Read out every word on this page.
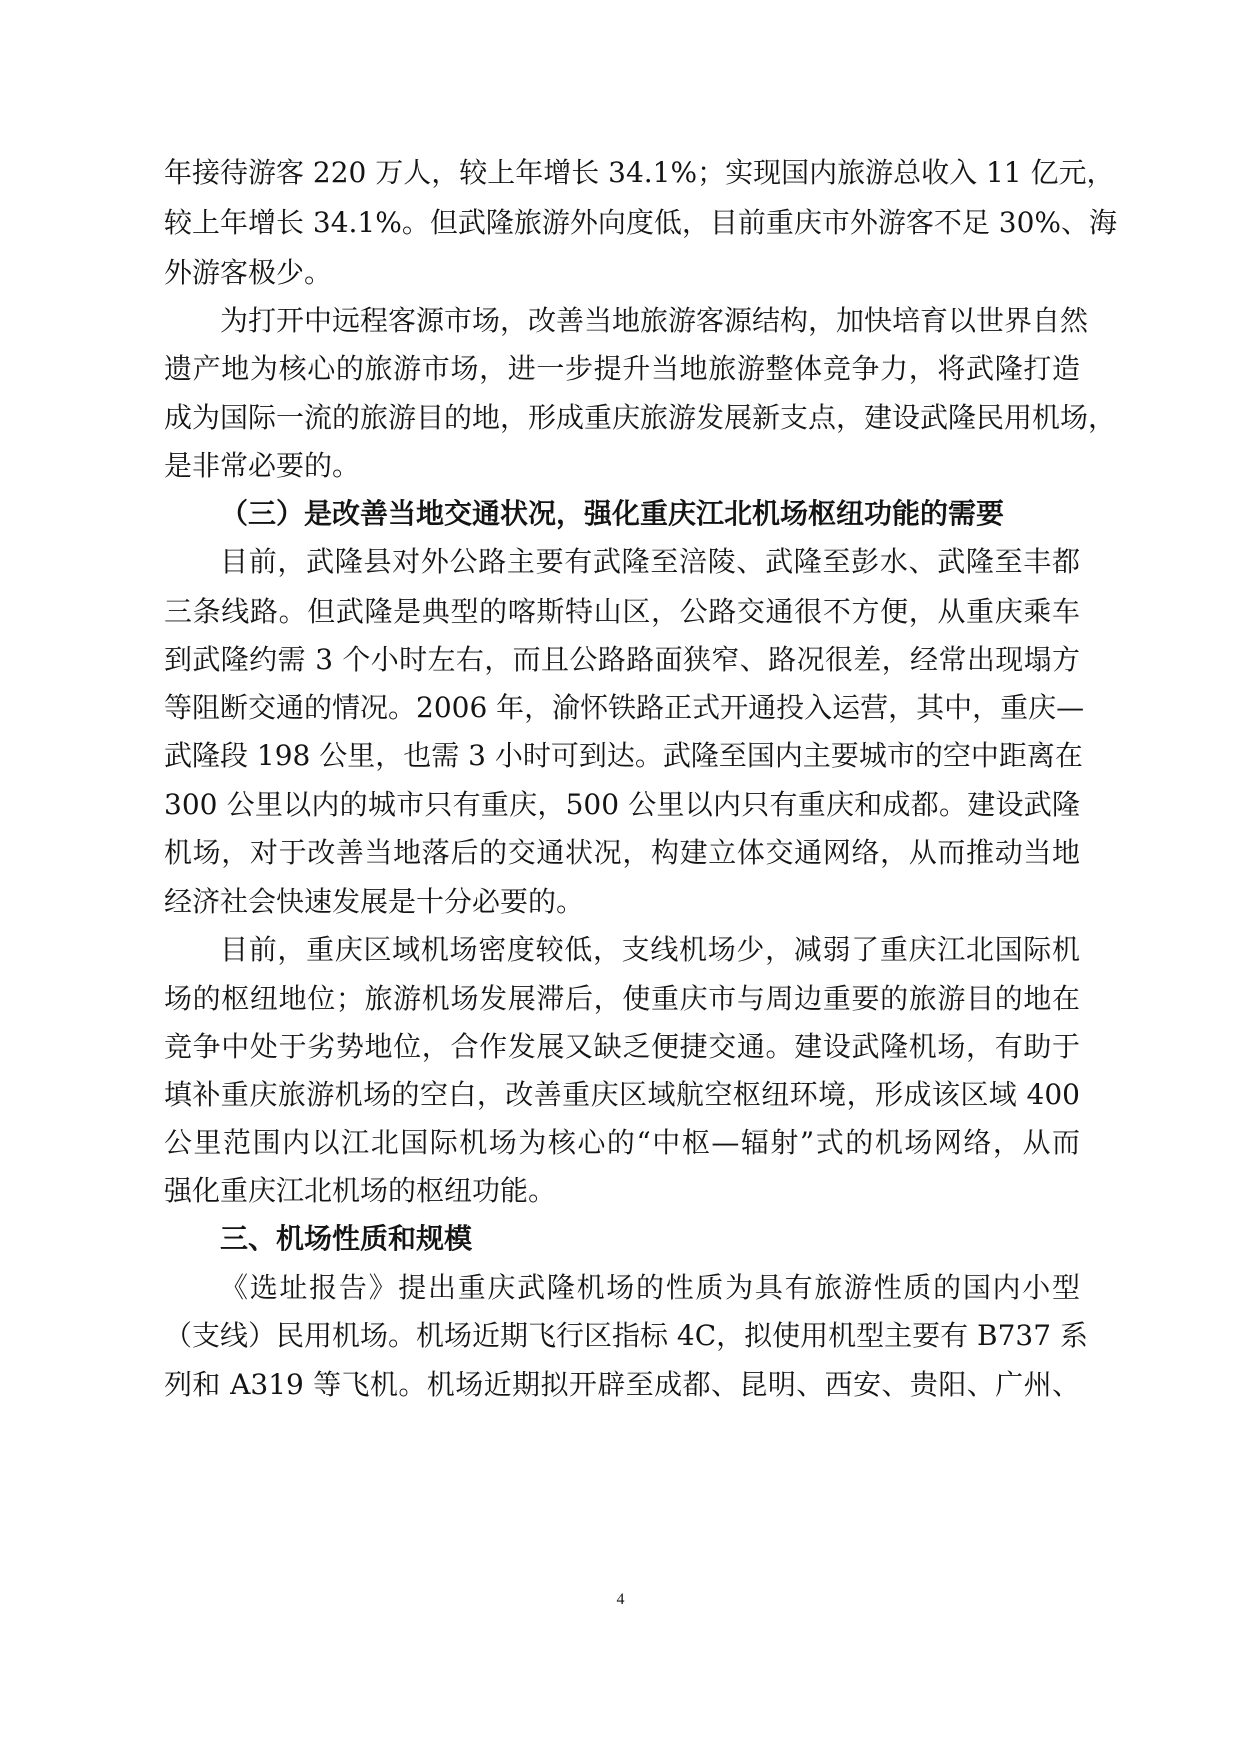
年接待游客 220 万人，较上年增长 34.1%；实现国内旅游总收入 11 亿元，
较上年增长 34.1%。但武隆旅游外向度低，目前重庆市外游客不足 30%、海
外游客极少。
为打开中远程客源市场，改善当地旅游客源结构，加快培育以世界自然
遗产地为核心的旅游市场，进一步提升当地旅游整体竞争力，将武隆打造
成为国际一流的旅游目的地，形成重庆旅游发展新支点，建设武隆民用机场，
是非常必要的。
（三）是改善当地交通状况，强化重庆江北机场枢纽功能的需要
目前，武隆县对外公路主要有武隆至涪陵、武隆至彭水、武隆至丰都
三条线路。但武隆是典型的喀斯特山区，公路交通很不方便，从重庆乘车
到武隆约需 3 个小时左右，而且公路路面狭窄、路况很差，经常出现塌方
等阻断交通的情况。2006 年，渝怀铁路正式开通投入运营，其中，重庆—
武隆段 198 公里，也需 3 小时可到达。武隆至国内主要城市的空中距离在
300 公里以内的城市只有重庆，500 公里以内只有重庆和成都。建设武隆
机场，对于改善当地落后的交通状况，构建立体交通网络，从而推动当地
经济社会快速发展是十分必要的。
目前，重庆区域机场密度较低，支线机场少，减弱了重庆江北国际机
场的枢纽地位；旅游机场发展滞后，使重庆市与周边重要的旅游目的地在
竞争中处于劣势地位，合作发展又缺乏便捷交通。建设武隆机场，有助于
填补重庆旅游机场的空白，改善重庆区域航空枢纽环境，形成该区域 400
公里范围内以江北国际机场为核心的“中枢—辐射”式的机场网络，从而
强化重庆江北机场的枢纽功能。
三、机场性质和规模
《选址报告》提出重庆武隆机场的性质为具有旅游性质的国内小型
（支线）民用机场。机场近期飞行区指标 4C，拟使用机型主要有 B737 系
列和 A319 等飞机。机场近期拟开辟至成都、昆明、西安、贵阳、广州、
4
